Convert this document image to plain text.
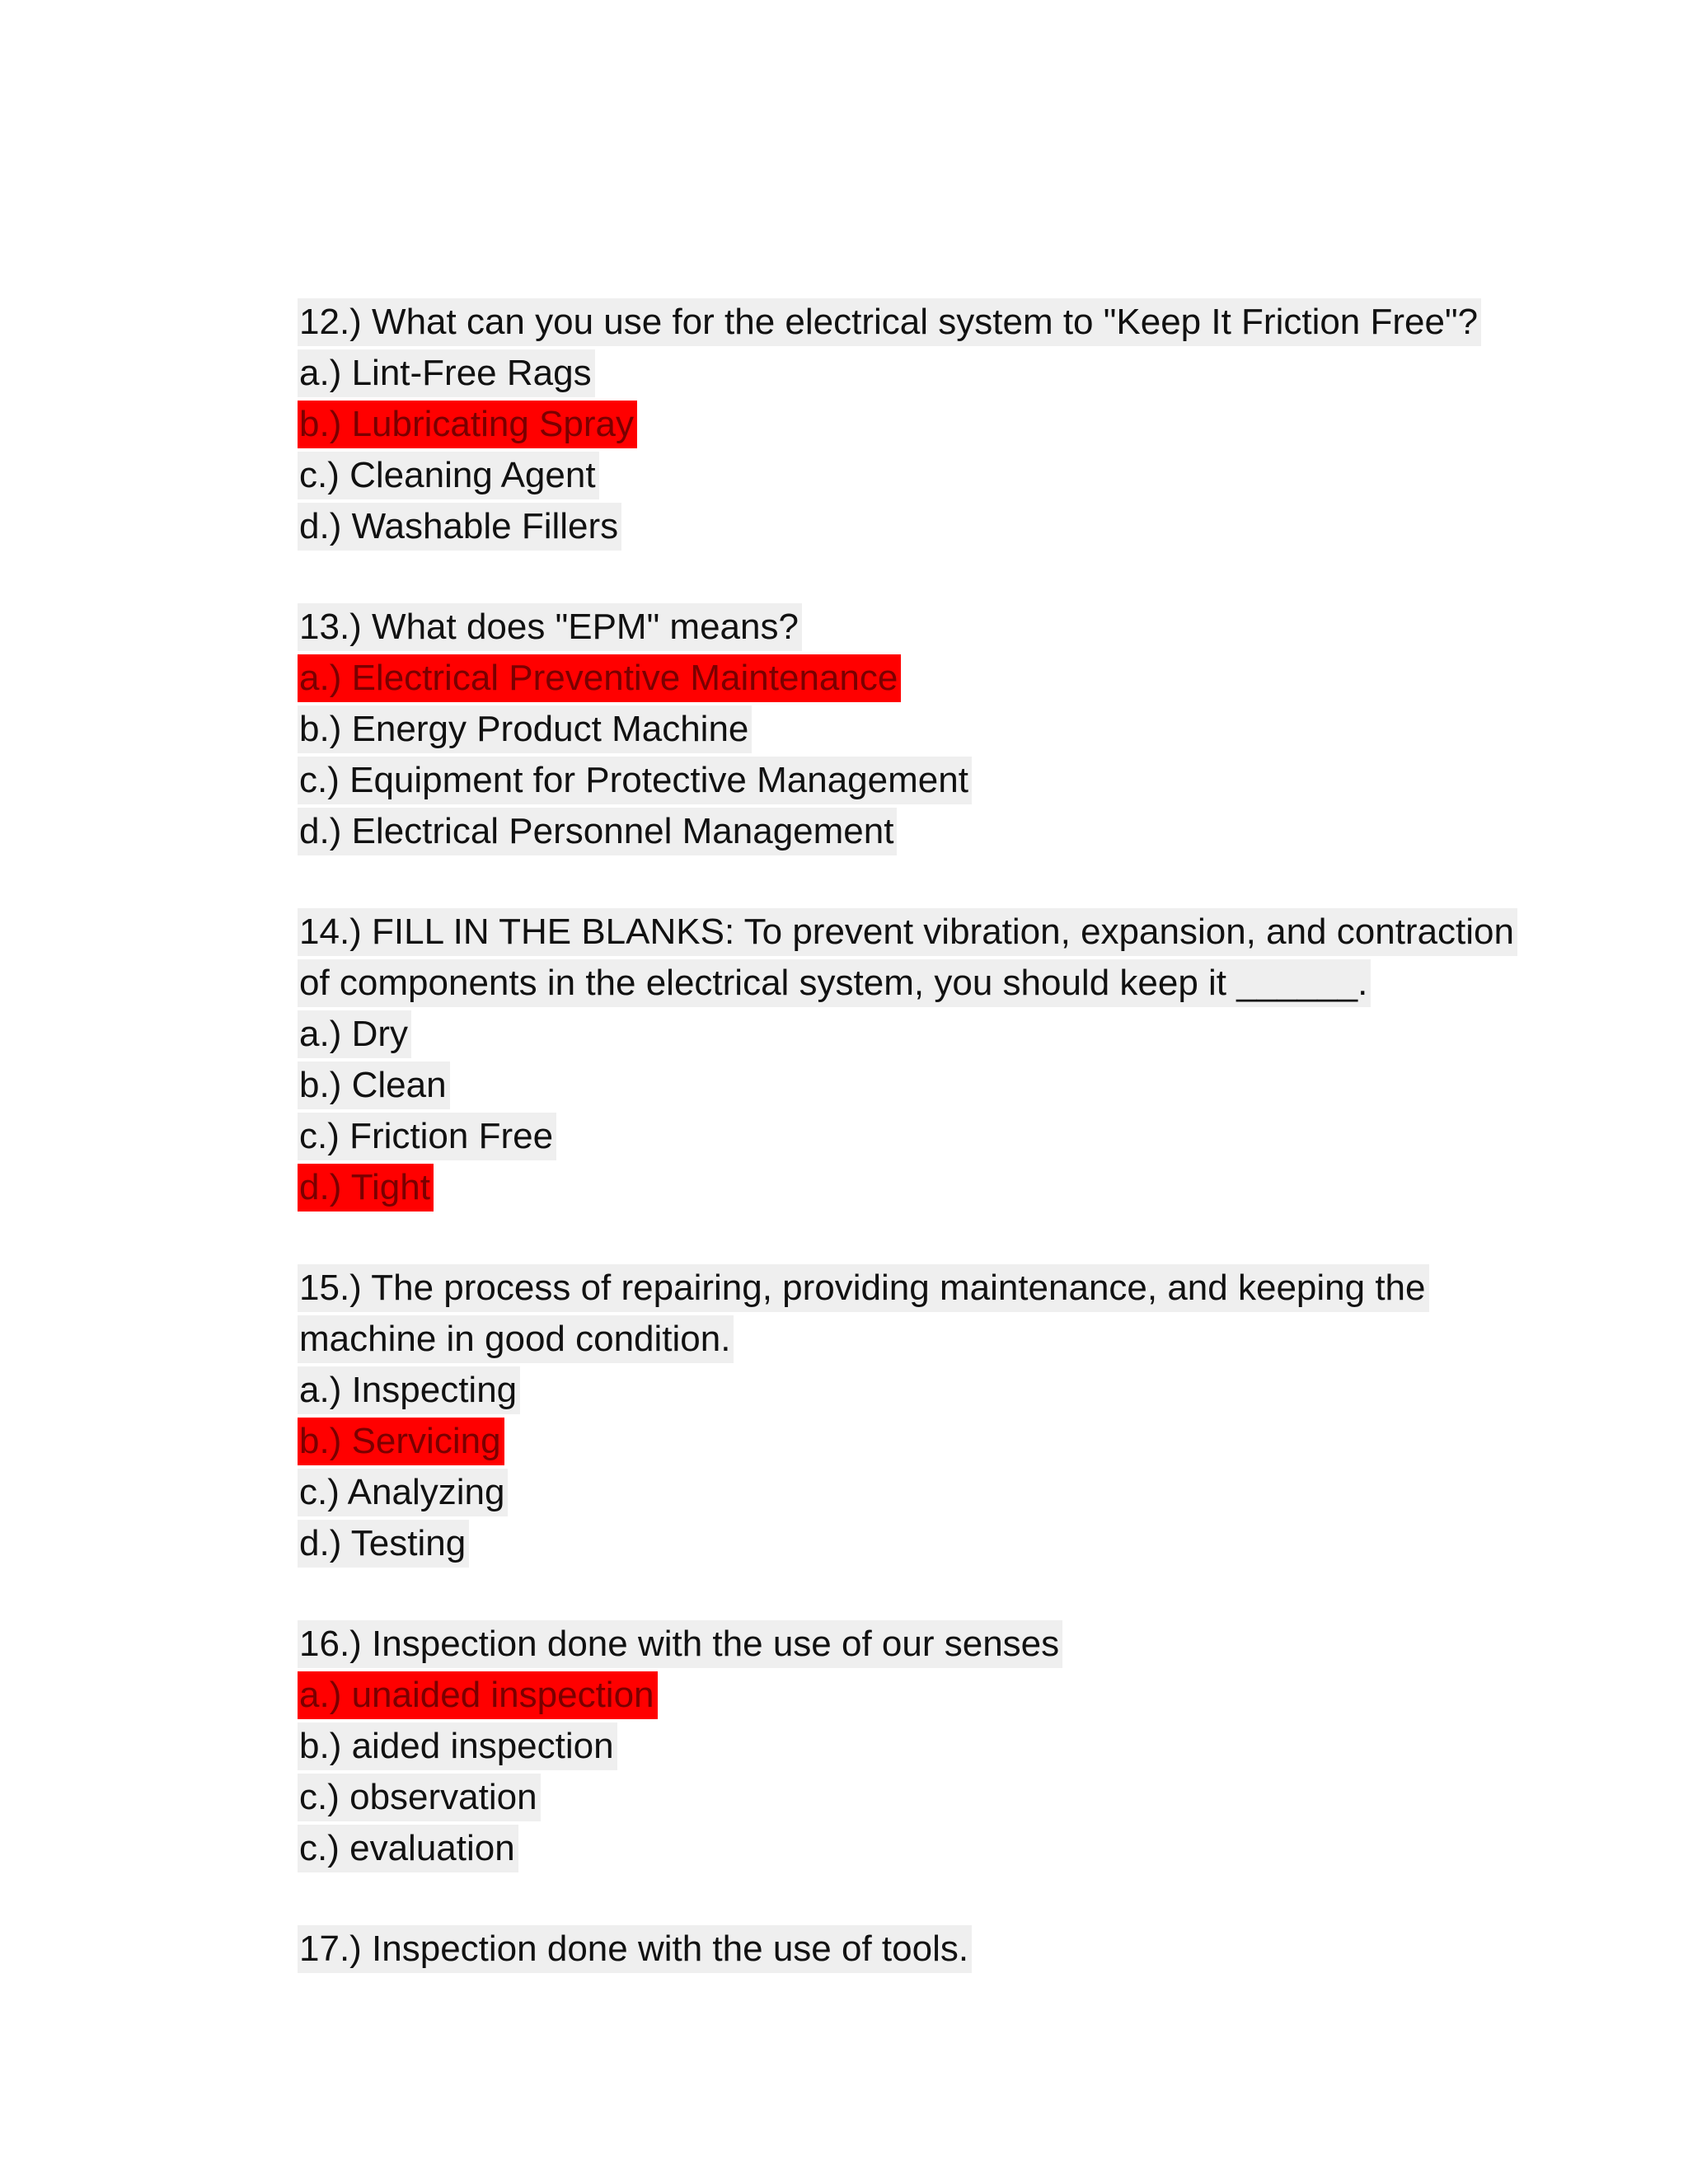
12.) What can you use for the electrical system to "Keep It Friction Free"?
a.) Lint-Free Rags
b.) Lubricating Spray
c.) Cleaning Agent
d.) Washable Fillers
13.) What does "EPM" means?
a.) Electrical Preventive Maintenance
b.) Energy Product Machine
c.) Equipment for Protective Management
d.) Electrical Personnel Management
14.) FILL IN THE BLANKS: To prevent vibration, expansion, and contraction
of components in the electrical system, you should keep it ______.
a.) Dry
b.) Clean
c.) Friction Free
d.) Tight
15.) The process of repairing, providing maintenance, and keeping the
machine in good condition.
a.) Inspecting
b.) Servicing
c.) Analyzing
d.) Testing
16.) Inspection done with the use of our senses
a.) unaided inspection
b.) aided inspection
c.) observation
c.) evaluation
17.) Inspection done with the use of tools.
